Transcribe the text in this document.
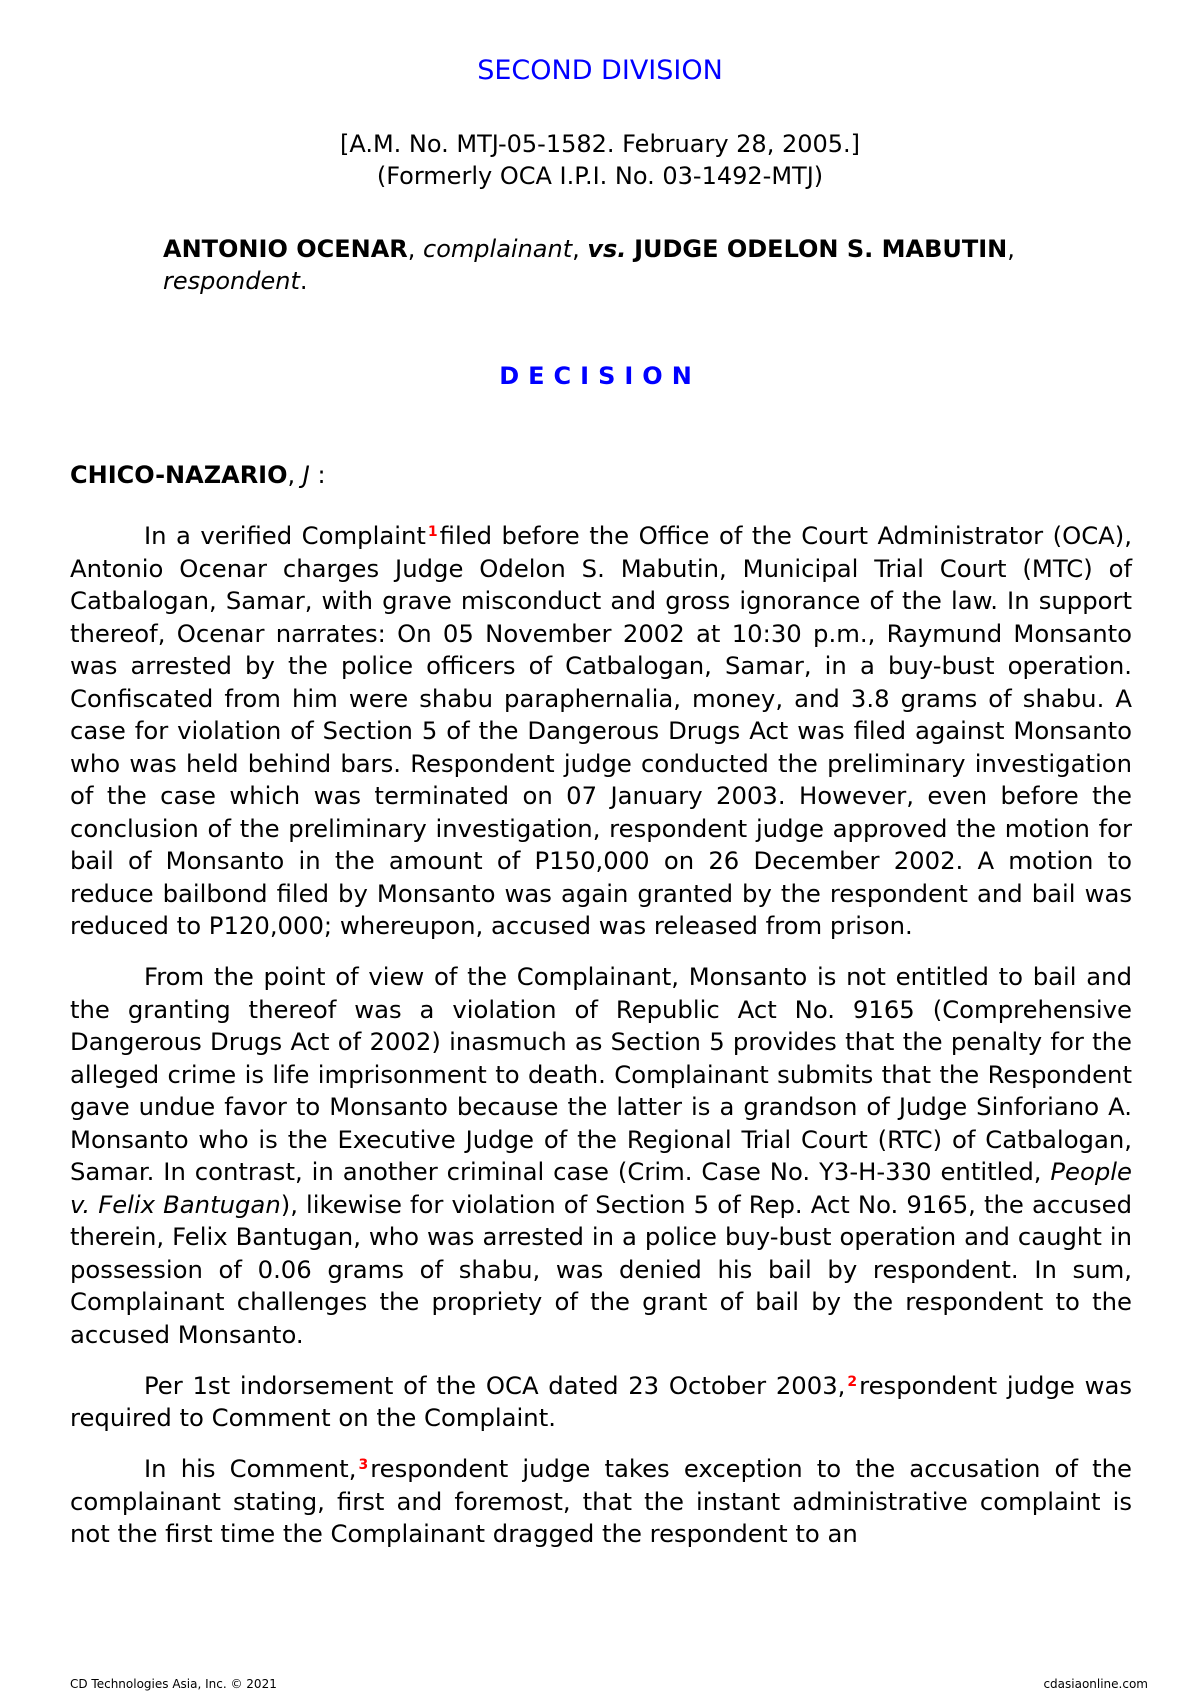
SECOND DIVISION
[A.M. No. MTJ-05-1582. February 28, 2005.]
(Formerly OCA I.P.I. No. 03-1492-MTJ)
ANTONIO OCENAR, complainant, vs. JUDGE ODELON S. MABUTIN, respondent.
DECISION
CHICO-NAZARIO, J :

In a verified Complaint $^1$filed before the Office of the Court Administrator (OCA), Antonio Ocenar charges Judge Odelon S. Mabutin, Municipal Trial Court (MTC) of Catbalogan, Samar, with grave misconduct and gross ignorance of the law. In support thereof, Ocenar narrates: On 05 November 2002 at 10:30 p.m., Raymund Monsanto was arrested by the police officers of Catbalogan, Samar, in a buy-bust operation. Confiscated from him were shabu paraphernalia, money, and 3.8 grams of shabu. A case for violation of Section 5 of the Dangerous Drugs Act was filed against Monsanto who was held behind bars. Respondent judge conducted the preliminary investigation of the case which was terminated on 07 January 2003. However, even before the conclusion of the preliminary investigation, respondent judge approved the motion for bail of Monsanto in the amount of P150,000 on 26 December 2002. A motion to reduce bailbond filed by Monsanto was again granted by the respondent and bail was reduced to P120,000; whereupon, accused was released from prison.

From the point of view of the Complainant, Monsanto is not entitled to bail and the granting thereof was a violation of Republic Act No. 9165 (Comprehensive Dangerous Drugs Act of 2002) inasmuch as Section 5 provides that the penalty for the alleged crime is life imprisonment to death. Complainant submits that the Respondent gave undue favor to Monsanto because the latter is a grandson of Judge Sinforiano A. Monsanto who is the Executive Judge of the Regional Trial Court (RTC) of Catbalogan, Samar. In contrast, in another criminal case (Crim. Case No. Y3-H-330 entitled, People v. Felix Bantugan), likewise for violation of Section 5 of Rep. Act No. 9165, the accused therein, Felix Bantugan, who was arrested in a police buy-bust operation and caught in possession of 0.06 grams of shabu, was denied his bail by respondent. In sum, Complainant challenges the propriety of the grant of bail by the respondent to the accused Monsanto.

Per 1st indorsement of the OCA dated 23 October 2003, $^2$respondent judge was required to Comment on the Complaint.

In his Comment, $^3$respondent judge takes exception to the accusation of the complainant stating, first and foremost, that the instant administrative complaint is not the first time the Complainant dragged the respondent to an

CD Technologies Asia, Inc. © 2021	cdasiaonline.com
